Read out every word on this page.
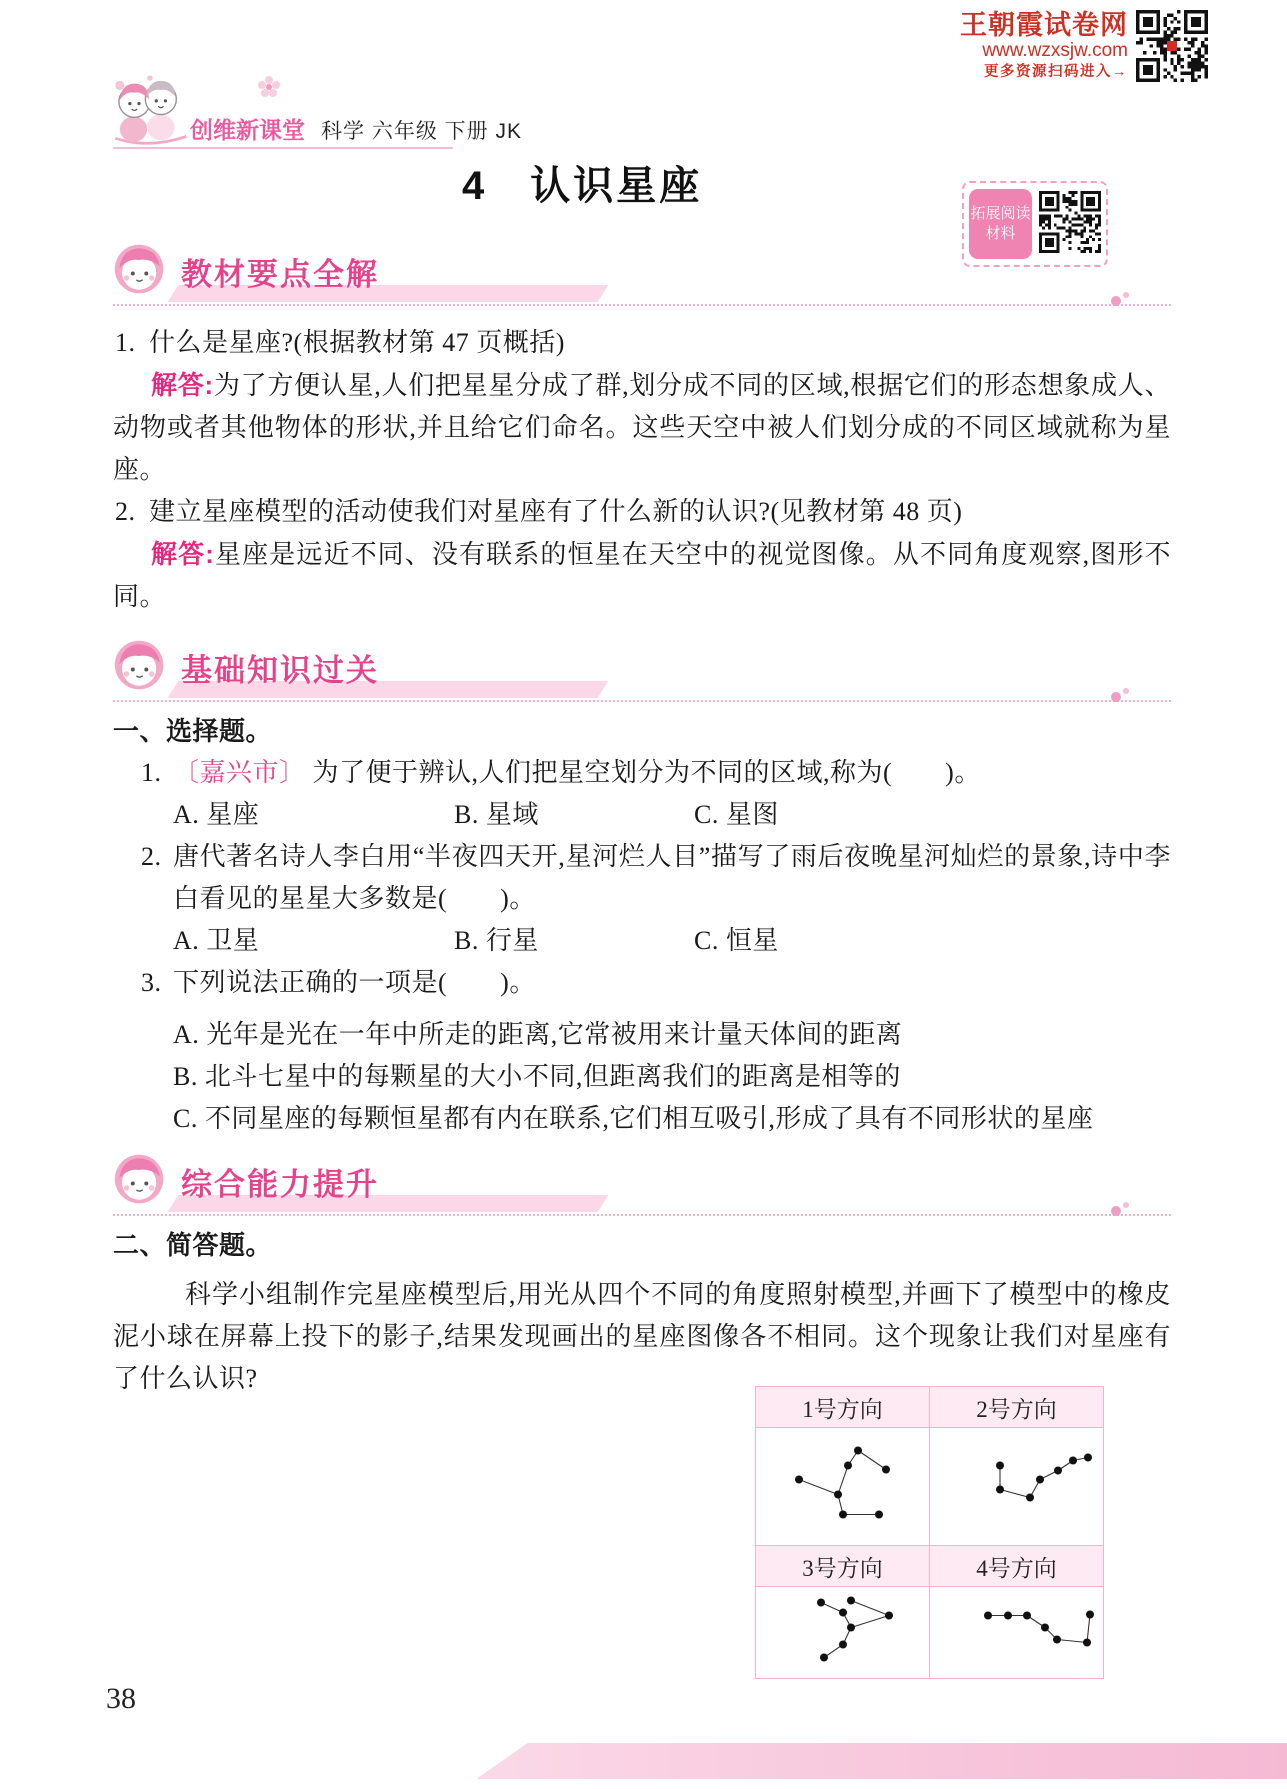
王朝霞试卷网
www.wzxsjw.com
更多资源扫码进入→
创维新课堂 科学 六年级 下册 JK
4　认识星座
拓展阅读
材料
教材要点全解

1. 什么是星座?(根据教材第 47 页概括)

解答:为了方便认星,人们把星星分成了群,划分成不同的区域,根据它们的形态想象成人、动物或者其他物体的形状,并且给它们命名。这些天空中被人们划分成的不同区域就称为星座。

2. 建立星座模型的活动使我们对星座有了什么新的认识?(见教材第 48 页)

解答:星座是远近不同、没有联系的恒星在天空中的视觉图像。从不同角度观察,图形不同。

基础知识过关

一、选择题。

1. 〔嘉兴市〕 为了便于辨认,人们把星空划分为不同的区域,称为(　　)。

A. 星座	B. 星域	C. 星图

2. 唐代著名诗人李白用“半夜四天开,星河烂人目”描写了雨后夜晚星河灿烂的景象,诗中李白看见的星星大多数是(　　)。

A. 卫星	B. 行星	C. 恒星

3. 下列说法正确的一项是(　　)。

A. 光年是光在一年中所走的距离,它常被用来计量天体间的距离

B. 北斗七星中的每颗星的大小不同,但距离我们的距离是相等的

C. 不同星座的每颗恒星都有内在联系,它们相互吸引,形成了具有不同形状的星座

综合能力提升

二、简答题。

科学小组制作完星座模型后,用光从四个不同的角度照射模型,并画下了模型中的橡皮泥小球在屏幕上投下的影子,结果发现画出的星座图像各不相同。这个现象让我们对星座有了什么认识?

1号方向	2号方向

3号方向	4号方向

38
